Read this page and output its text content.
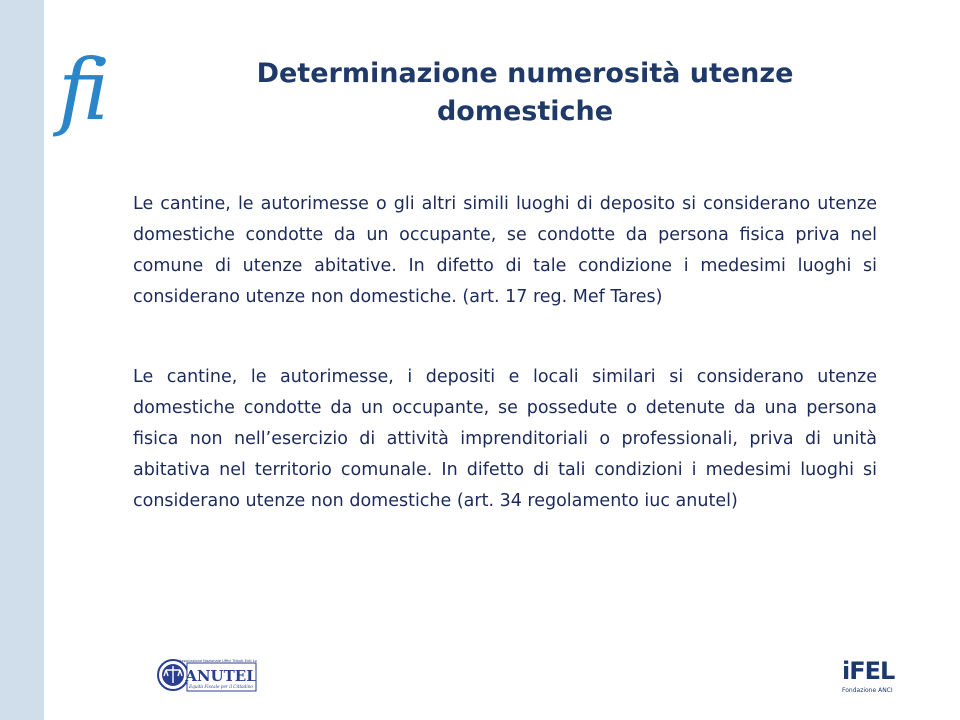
fi	Determinazione numerosità utenze domestiche
Le cantine, le autorimesse o gli altri simili luoghi di deposito si considerano utenze domestiche condotte da un occupante, se condotte da persona fisica priva nel comune di utenze abitative. In difetto di tale condizione i medesimi luoghi si considerano utenze non domestiche. (art. 17 reg. Mef Tares)
Le cantine, le autorimesse, i depositi e locali similari si considerano utenze domestiche condotte da un occupante, se possedute o detenute da una persona fisica non nell’esercizio di attività imprenditoriali o professionali, priva di unità abitativa nel territorio comunale. In difetto di tali condizioni i medesimi luoghi si considerano utenze non domestiche (art. 34 regolamento iuc anutel)
Associazione Nazionale Uffici Tributi Enti Locali
ANUTEL
Equità Fiscale per il Cittadino
iFEL
Fondazione ANCI
